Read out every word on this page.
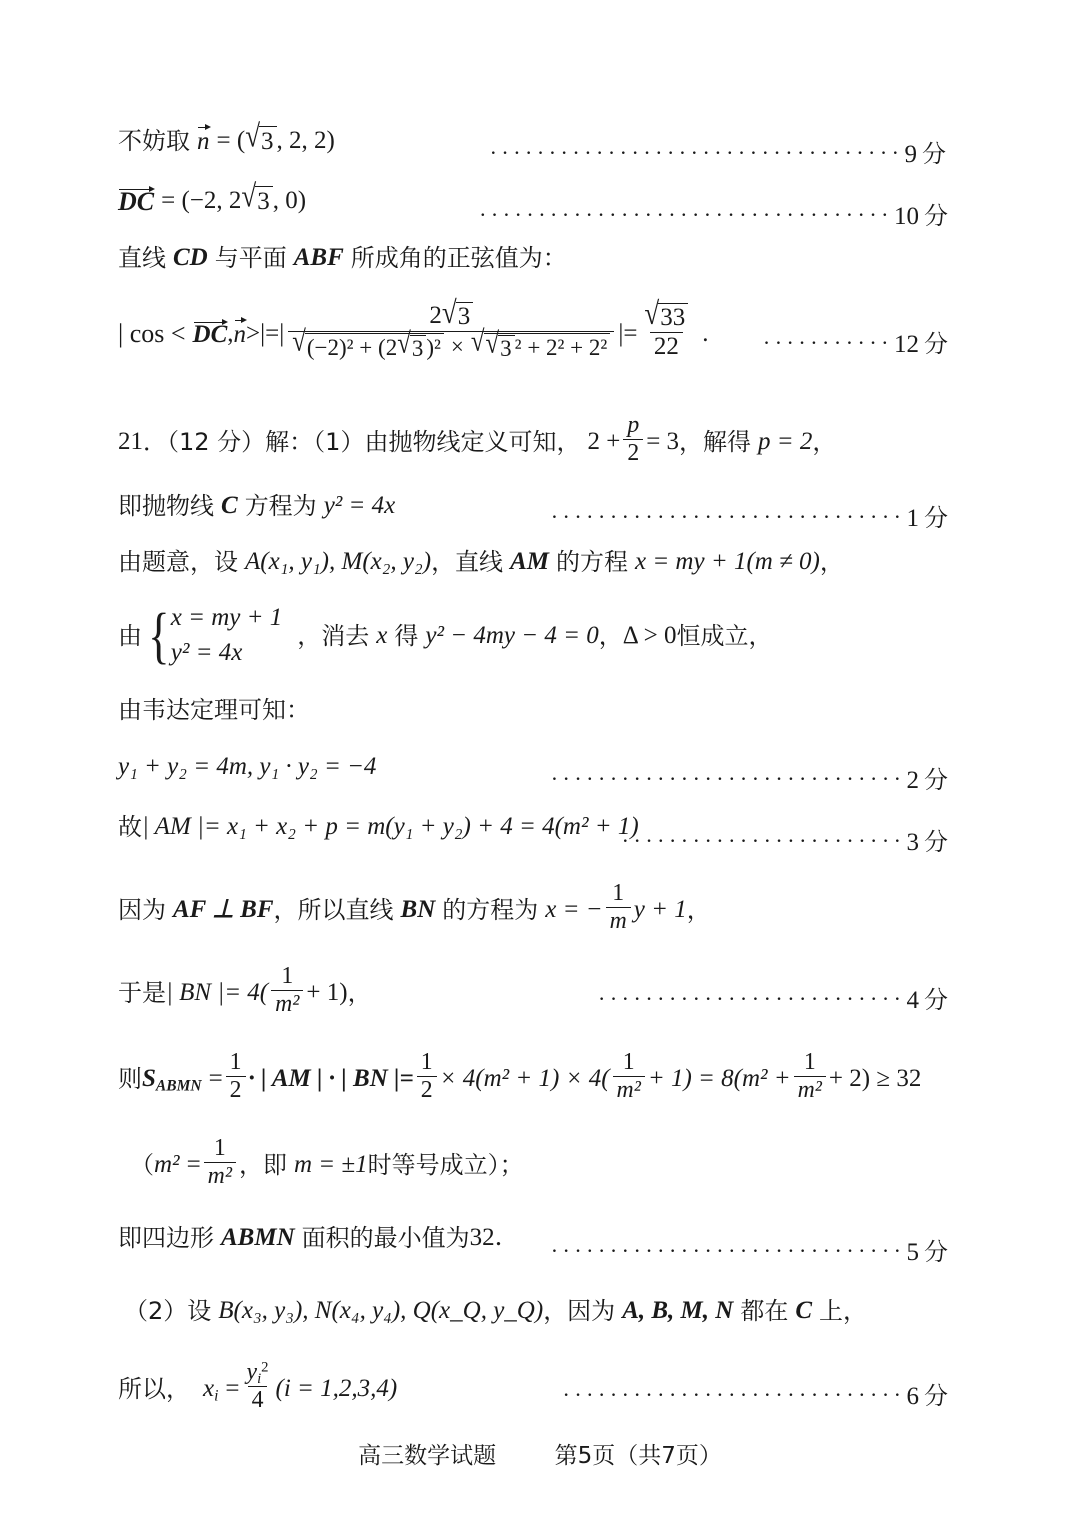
不妨取 n = ( √ 3 , 2, 2)	··································· 9 分
DC = (−2, 2 √ 3 , 0)	··································· 10 分
直线 CD 与平面 ABF 所成角的正弦值为：
| cos < DC , n >|=|
2 √ 3
√ (−2)² + (2 √ 3 )² × √ √ 3 ² + 2² + 2²
|= $\frac{√ 33}{22}$ . ··········· 12 分
21 ．（12 分） 解：（1）由抛物线定义可知， $2 + \frac{p}{2} = 3$ ， 解得 p = 2 ，
即抛物线 C 方程为 y² = 4x	······························ 1 分
由题意，设 A(x₁, y₁), M(x₂, y₂) ，直线 AM 的方程 x = my + 1(m ≠ 0) ，
由 { x = my + 1
y² = 4x
，消去 x 得 y² − 4my − 4 = 0 ， Δ > 0 恒成立，
由韦达定理可知：
y₁ + y₂ = 4m, y₁ · y₂ = −4	······························ 2 分
故 | AM |= x₁ + x₂ + p = m(y₁ + y₂) + 4 = 4(m² + 1)
························ 3 分
因为 AF ⊥ BF ，所以直线 BN 的方程为 x = − $\frac{1}{m}$ y + 1 ，
于是 | BN |= $4( \frac{1}{\text{m²}} + 1)$ ，	·························· 4 分
则 $S_{ABMN} = \frac{1}{2}$ · | AM | · | BN |= $\frac{1}{2} \times 4(m^2 + 1) \times 4( \frac{1}{\text{m²}} + 1) = 8(m^2 + \frac{1}{\text{m²}} + 2) \ge 32$
（ $m^2 = \frac{1}{\text{m²}}$ ，即 m = ±1 时等号成立）；
即四边形 ABMN 面积的最小值为 32 ． ······························ 5 分
（2）设 B(x₃, y₃), N(x₄, y₄), Q(x_Q, y_Q) ，因为 A, B, M, N 都在 C 上，
所以， $x_i = \frac{y_i^2}{4} (i = 1,2,3,4)$	····························· 6 分
高三数学试题        第5页（共7页）
